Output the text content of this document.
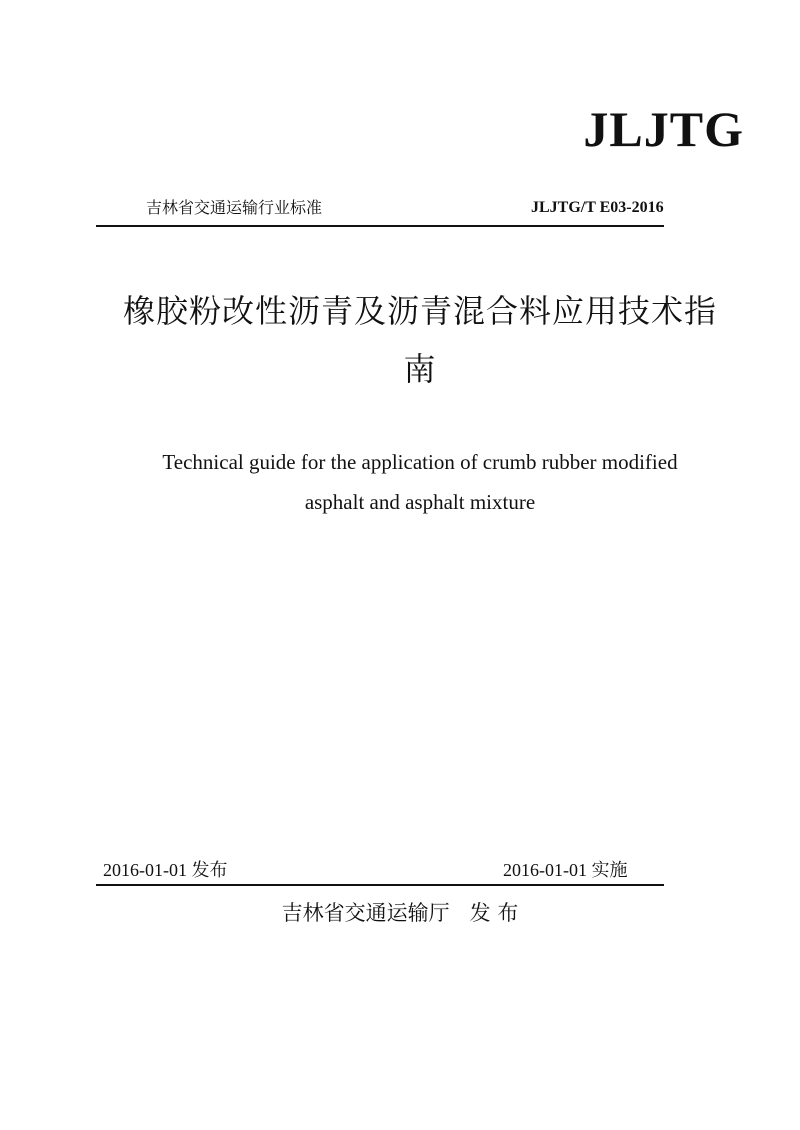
JLJTG
吉林省交通运输行业标准	JLJTG/T E03-2016
橡胶粉改性沥青及沥青混合料应用技术指
南
Technical guide for the application of crumb rubber modified
asphalt and asphalt mixture
2016-01-01 发布	2016-01-01 实施
吉林省交通运输厅   发 布
